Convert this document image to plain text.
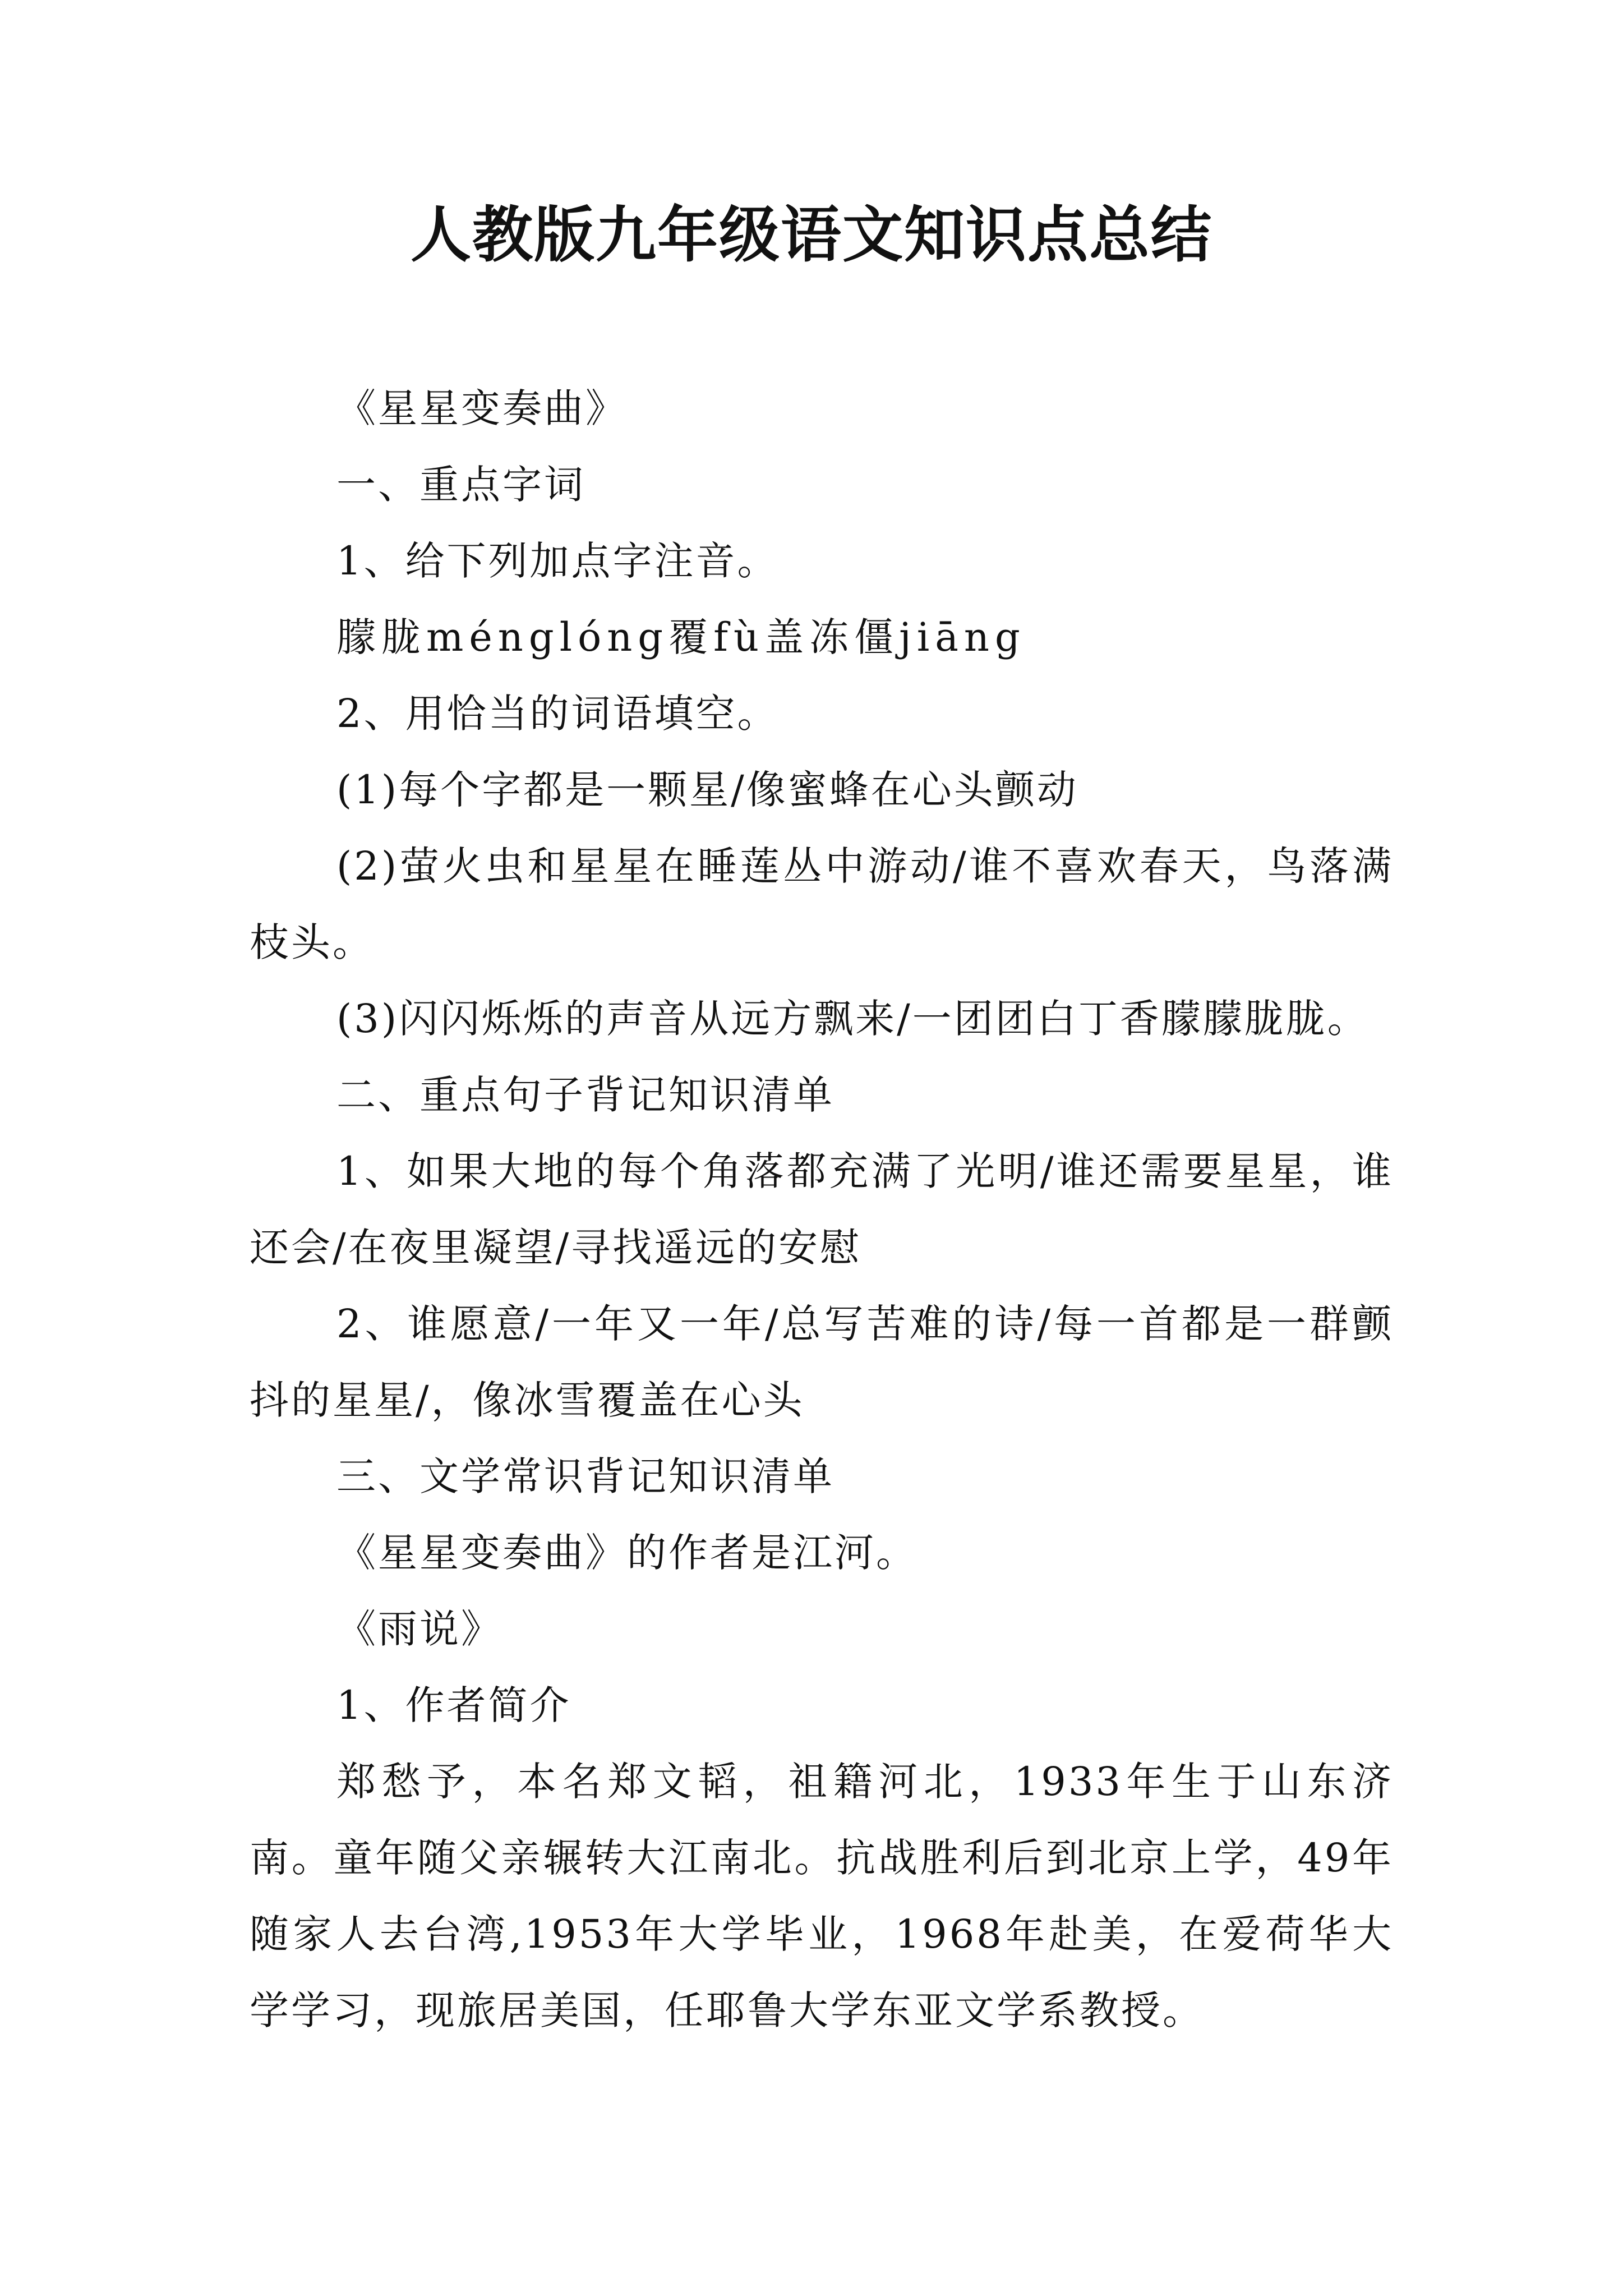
人教版九年级语文知识点总结

《星星变奏曲》

一、重点字词

1、给下列加点字注音。

朦胧ménglóng覆fù盖冻僵jiāng

2、用恰当的词语填空。

(1)每个字都是一颗星/像蜜蜂在心头颤动

(2)萤火虫和星星在睡莲丛中游动/谁不喜欢春天，鸟落满枝头。

(3)闪闪烁烁的声音从远方飘来/一团团白丁香朦朦胧胧。

二、重点句子背记知识清单

1、如果大地的每个角落都充满了光明/谁还需要星星，谁还会/在夜里凝望/寻找遥远的安慰

2、谁愿意/一年又一年/总写苦难的诗/每一首都是一群颤抖的星星/，像冰雪覆盖在心头

三、文学常识背记知识清单

《星星变奏曲》的作者是江河。

《雨说》

1、作者简介

郑愁予，本名郑文韬，祖籍河北，1933年生于山东济南。童年随父亲辗转大江南北。抗战胜利后到北京上学，49年随家人去台湾,1953年大学毕业，1968年赴美，在爱荷华大学学习，现旅居美国，任耶鲁大学东亚文学系教授。
